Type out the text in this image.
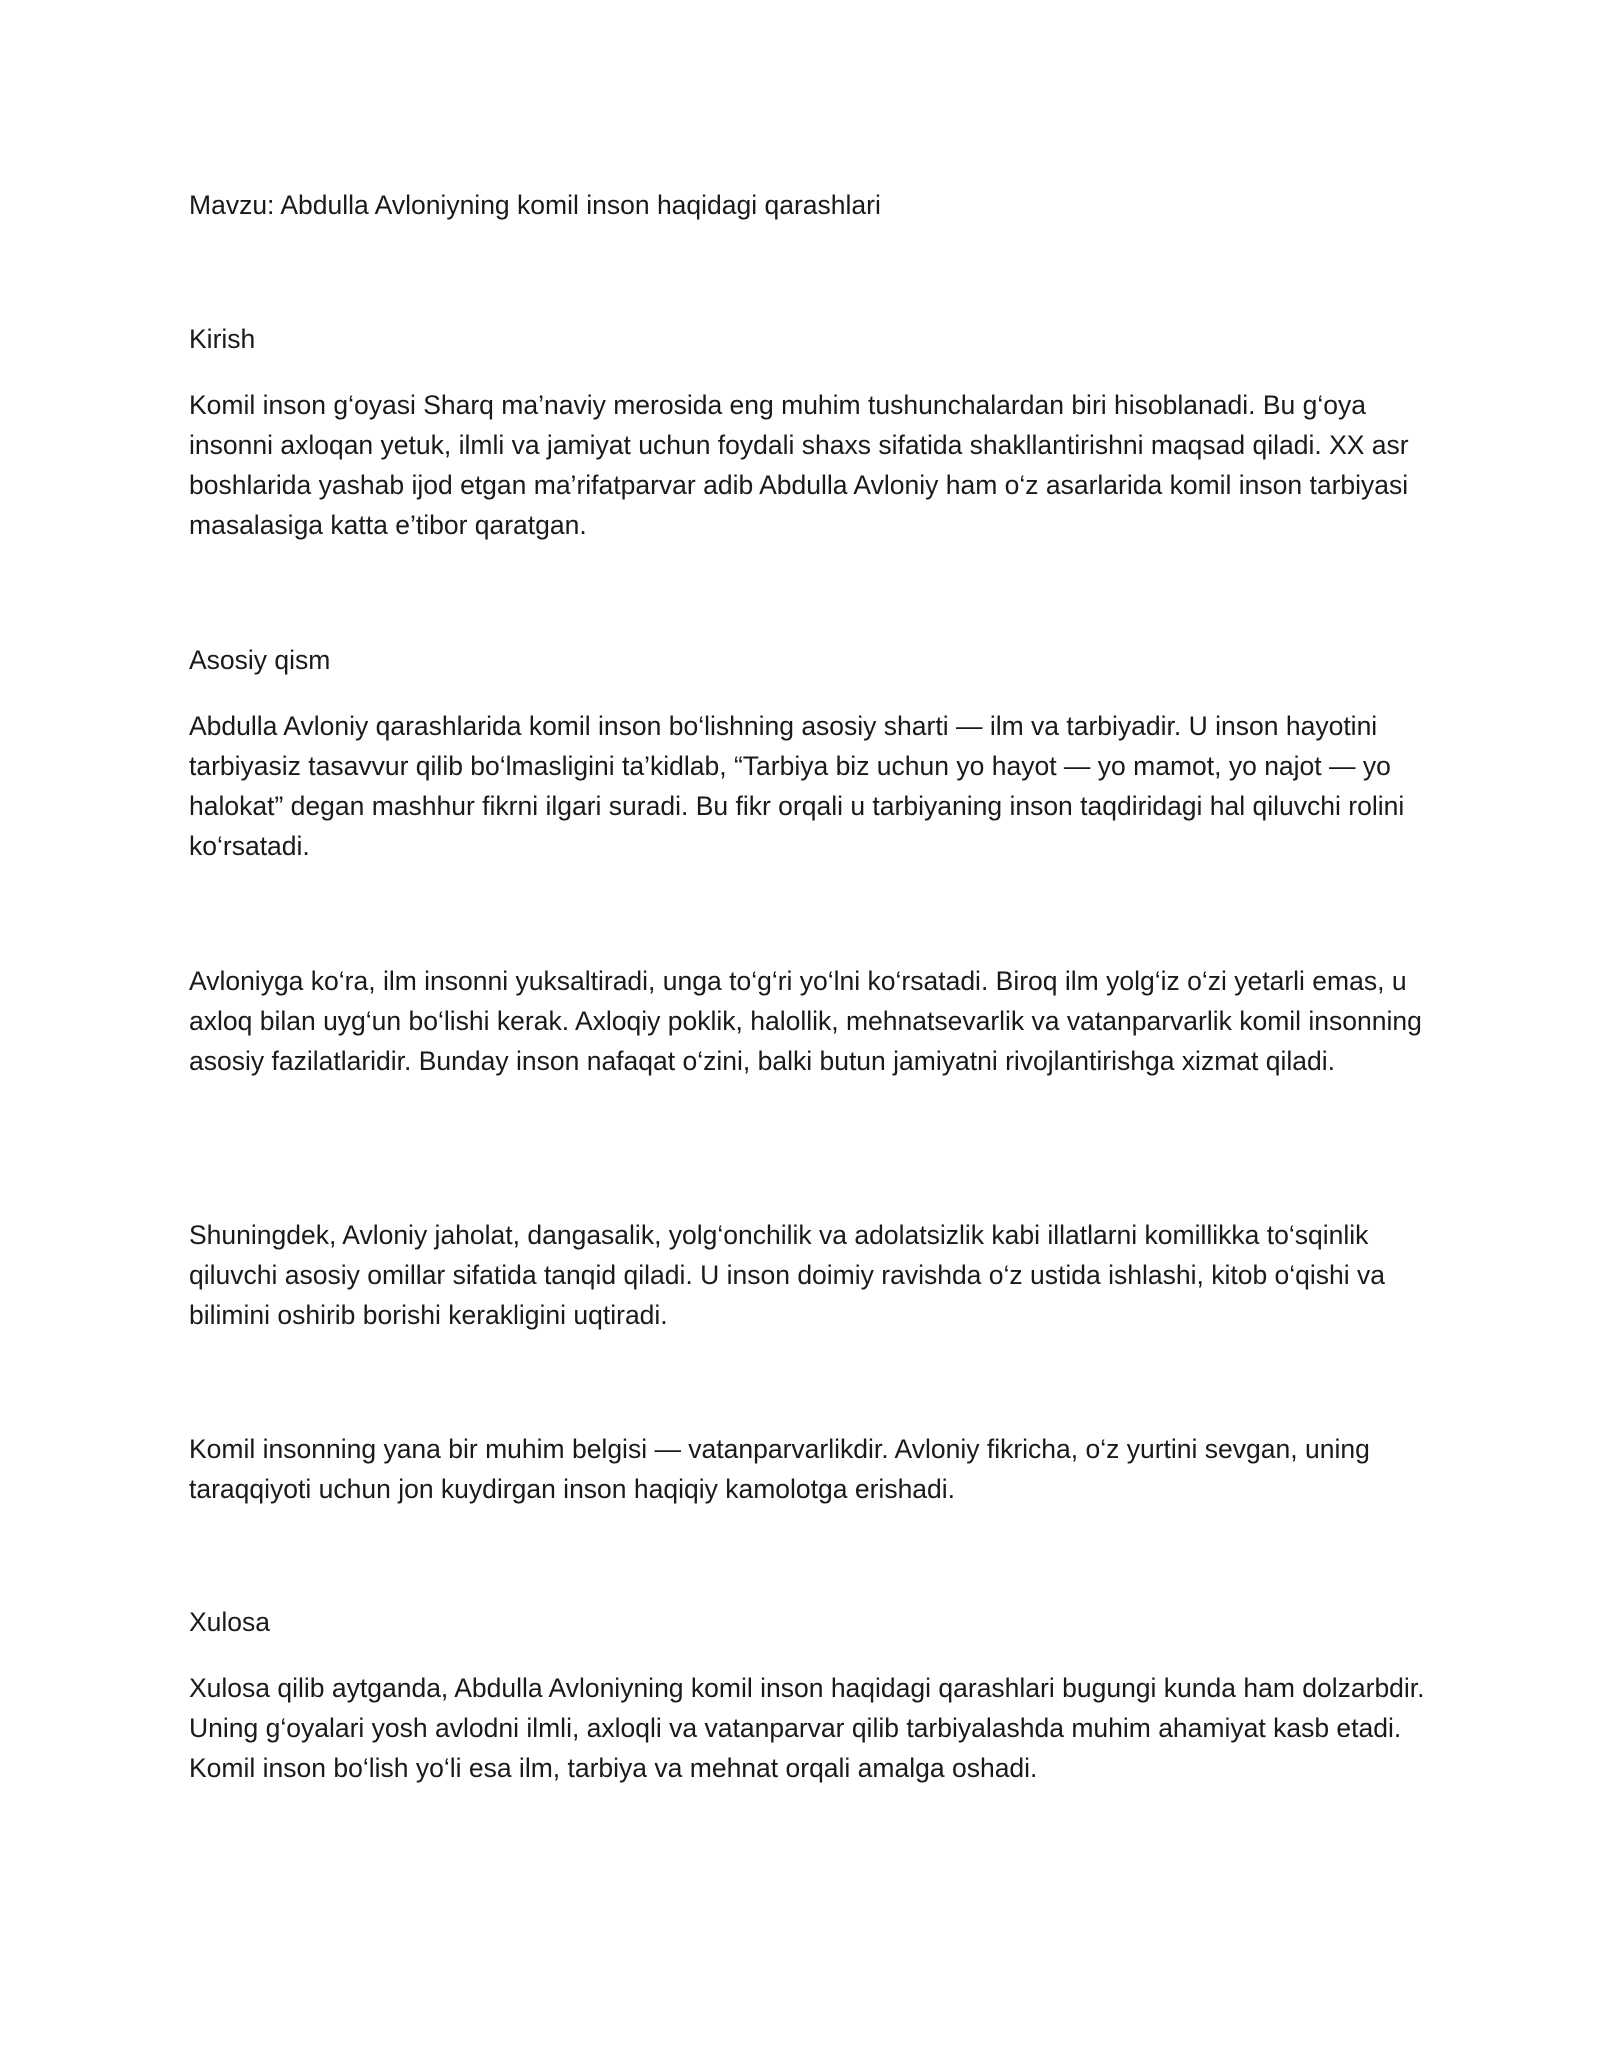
Mavzu: Abdulla Avloniyning komil inson haqidagi qarashlari

Kirish

Komil inson g‘oyasi Sharq ma’naviy merosida eng muhim tushunchalardan biri hisoblanadi. Bu g‘oya insonni axloqan yetuk, ilmli va jamiyat uchun foydali shaxs sifatida shakllantirishni maqsad qiladi. XX asr boshlarida yashab ijod etgan ma’rifatparvar adib Abdulla Avloniy ham o‘z asarlarida komil inson tarbiyasi masalasiga katta e’tibor qaratgan.

Asosiy qism

Abdulla Avloniy qarashlarida komil inson bo‘lishning asosiy sharti — ilm va tarbiyadir. U inson hayotini tarbiyasiz tasavvur qilib bo‘lmasligini ta’kidlab, “Tarbiya biz uchun yo hayot — yo mamot, yo najot — yo halokat” degan mashhur fikrni ilgari suradi. Bu fikr orqali u tarbiyaning inson taqdiridagi hal qiluvchi rolini ko‘rsatadi.

Avloniyga ko‘ra, ilm insonni yuksaltiradi, unga to‘g‘ri yo‘lni ko‘rsatadi. Biroq ilm yolg‘iz o‘zi yetarli emas, u axloq bilan uyg‘un bo‘lishi kerak. Axloqiy poklik, halollik, mehnatsevarlik va vatanparvarlik komil insonning asosiy fazilatlaridir. Bunday inson nafaqat o‘zini, balki butun jamiyatni rivojlantirishga xizmat qiladi.

Shuningdek, Avloniy jaholat, dangasalik, yolg‘onchilik va adolatsizlik kabi illatlarni komillikka to‘sqinlik qiluvchi asosiy omillar sifatida tanqid qiladi. U inson doimiy ravishda o‘z ustida ishlashi, kitob o‘qishi va bilimini oshirib borishi kerakligini uqtiradi.

Komil insonning yana bir muhim belgisi — vatanparvarlikdir. Avloniy fikricha, o‘z yurtini sevgan, uning taraqqiyoti uchun jon kuydirgan inson haqiqiy kamolotga erishadi.

Xulosa

Xulosa qilib aytganda, Abdulla Avloniyning komil inson haqidagi qarashlari bugungi kunda ham dolzarbdir. Uning g‘oyalari yosh avlodni ilmli, axloqli va vatanparvar qilib tarbiyalashda muhim ahamiyat kasb etadi. Komil inson bo‘lish yo‘li esa ilm, tarbiya va mehnat orqali amalga oshadi.
